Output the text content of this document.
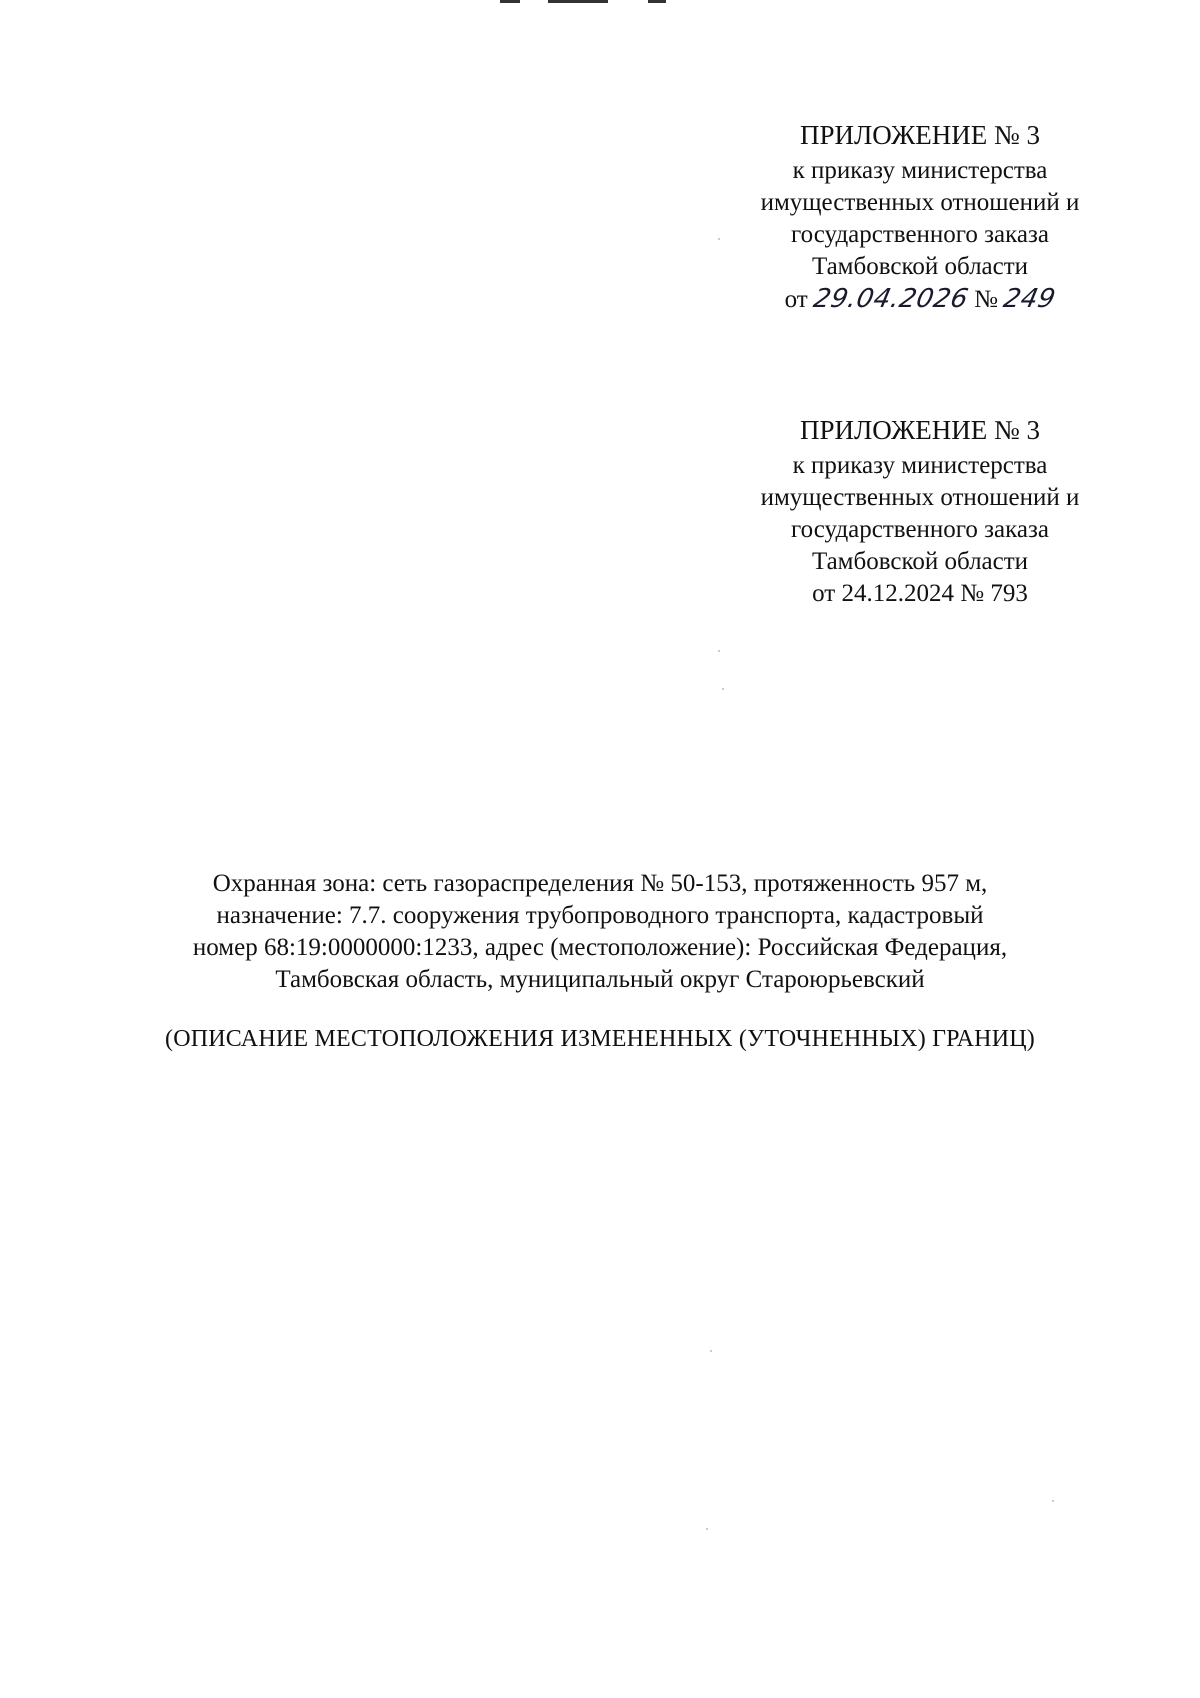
ПРИЛОЖЕНИЕ № 3
к приказу министерства
имущественных отношений и
государственного заказа
Тамбовской области
от 29.04.2026 № 249
ПРИЛОЖЕНИЕ № 3
к приказу министерства
имущественных отношений и
государственного заказа
Тамбовской области
от 24.12.2024 № 793
Охранная зона: сеть газораспределения № 50-153, протяженность 957 м,
назначение: 7.7. сооружения трубопроводного транспорта, кадастровый
номер 68:19:0000000:1233, адрес (местоположение): Российская Федерация,
Тамбовская область, муниципальный округ Староюрьевский
(ОПИСАНИЕ МЕСТОПОЛОЖЕНИЯ ИЗМЕНЕННЫХ (УТОЧНЕННЫХ) ГРАНИЦ)
